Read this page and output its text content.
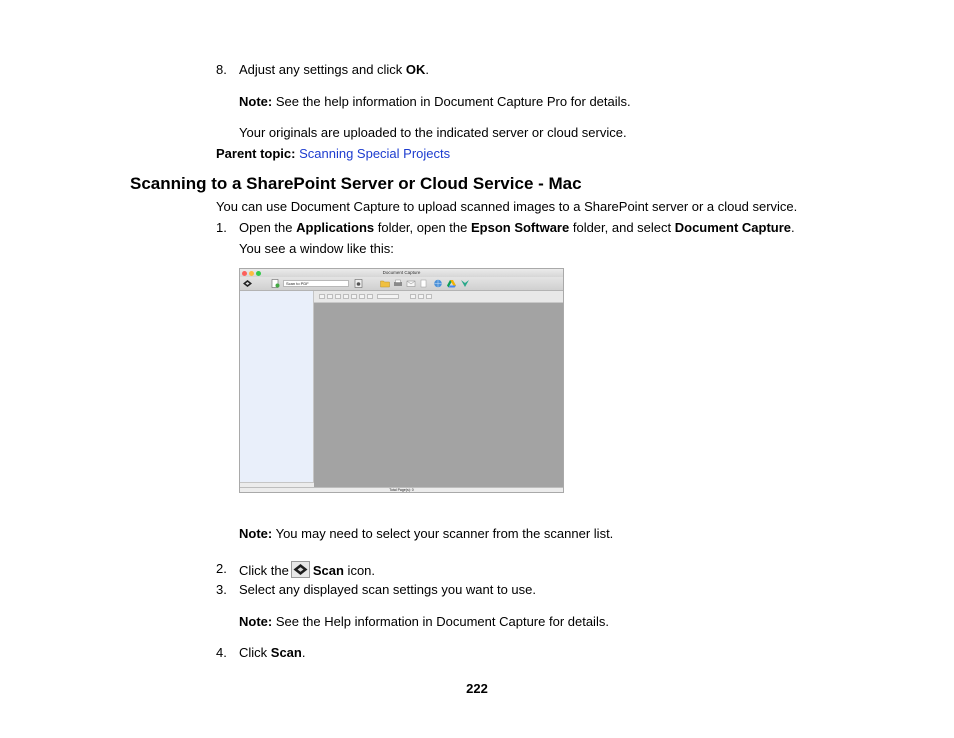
8. Adjust any settings and click OK.
Note: See the help information in Document Capture Pro for details.
Your originals are uploaded to the indicated server or cloud service.
Parent topic: Scanning Special Projects
Scanning to a SharePoint Server or Cloud Service - Mac
You can use Document Capture to upload scanned images to a SharePoint server or a cloud service.
1. Open the Applications folder, open the Epson Software folder, and select Document Capture.
You see a window like this:
Document Capture
Scan to PDF
Total Page(s): 0
Note: You may need to select your scanner from the scanner list.
2. Click the Scan icon.
3. Select any displayed scan settings you want to use.
Note: See the Help information in Document Capture for details.
4. Click Scan.
222
